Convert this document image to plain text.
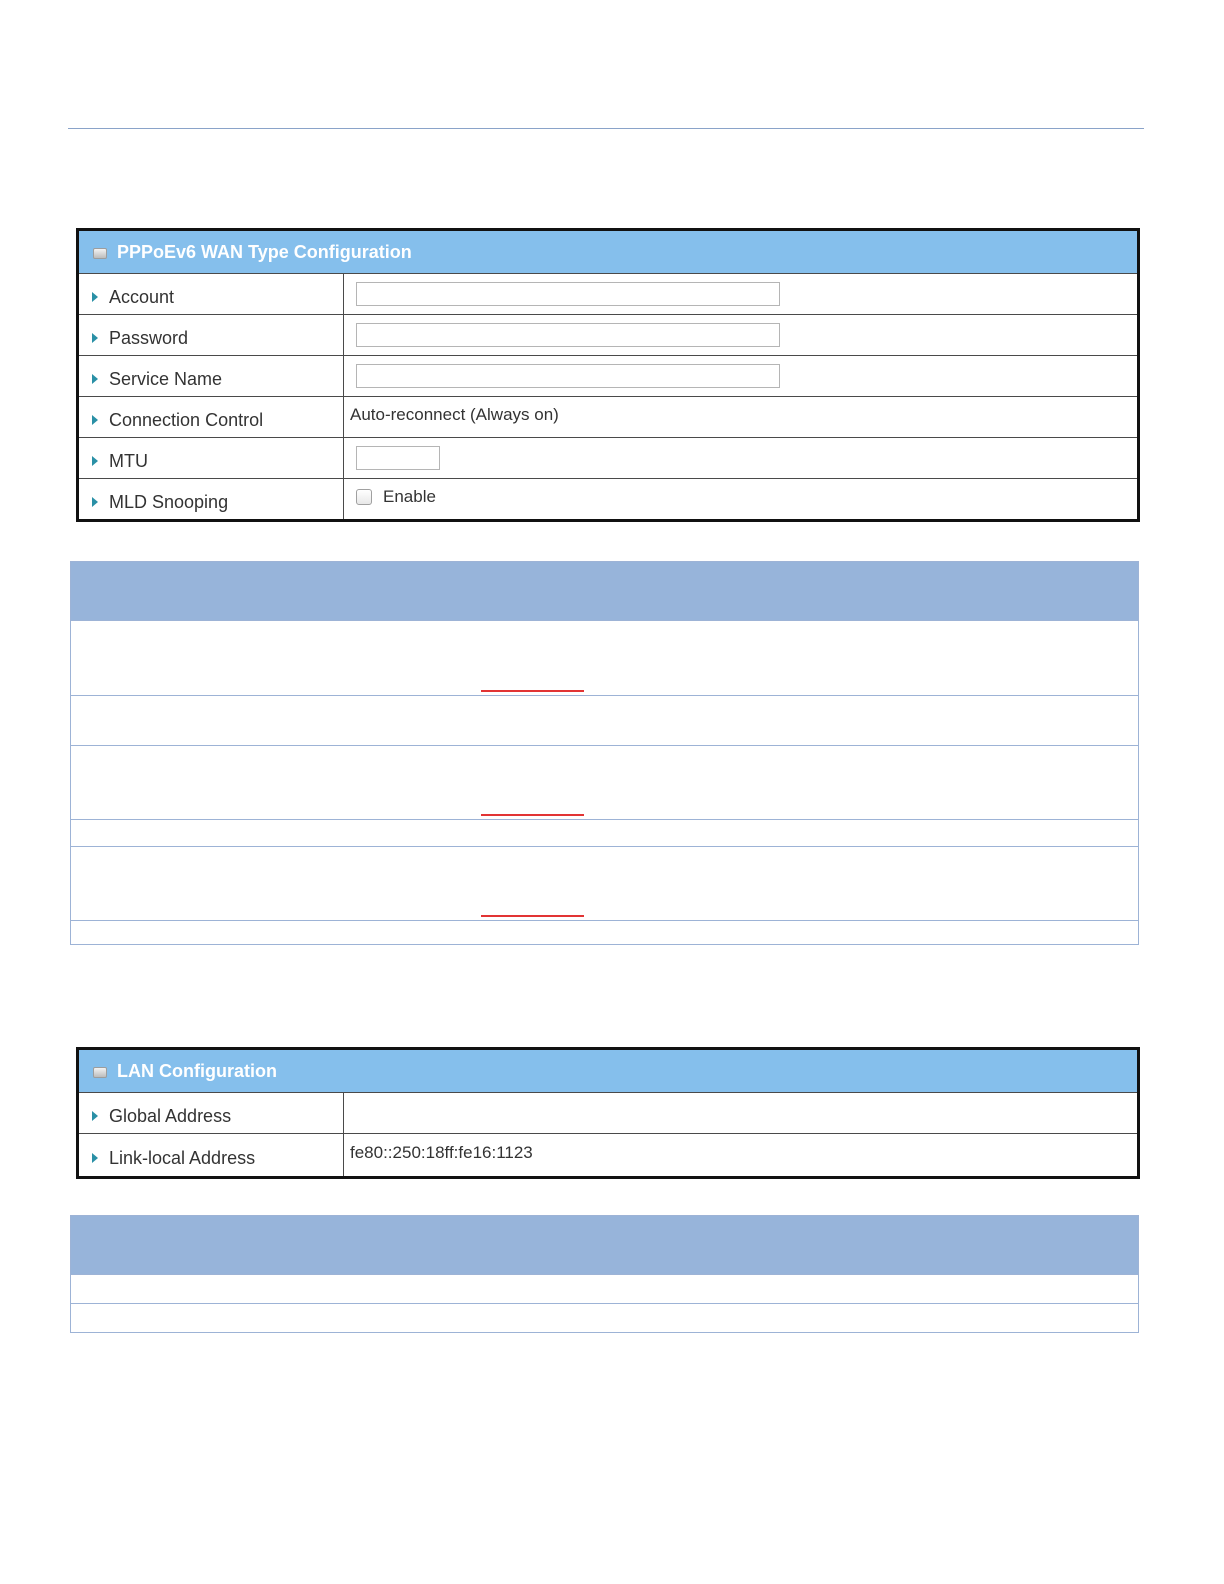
PPPoEv6 WAN Type Configuration
Account
Password
Service Name
Connection Control	Auto-reconnect (Always on)
MTU
MLD Snooping	Enable
LAN Configuration
Global Address
Link-local Address	fe80::250:18ff:fe16:1123
